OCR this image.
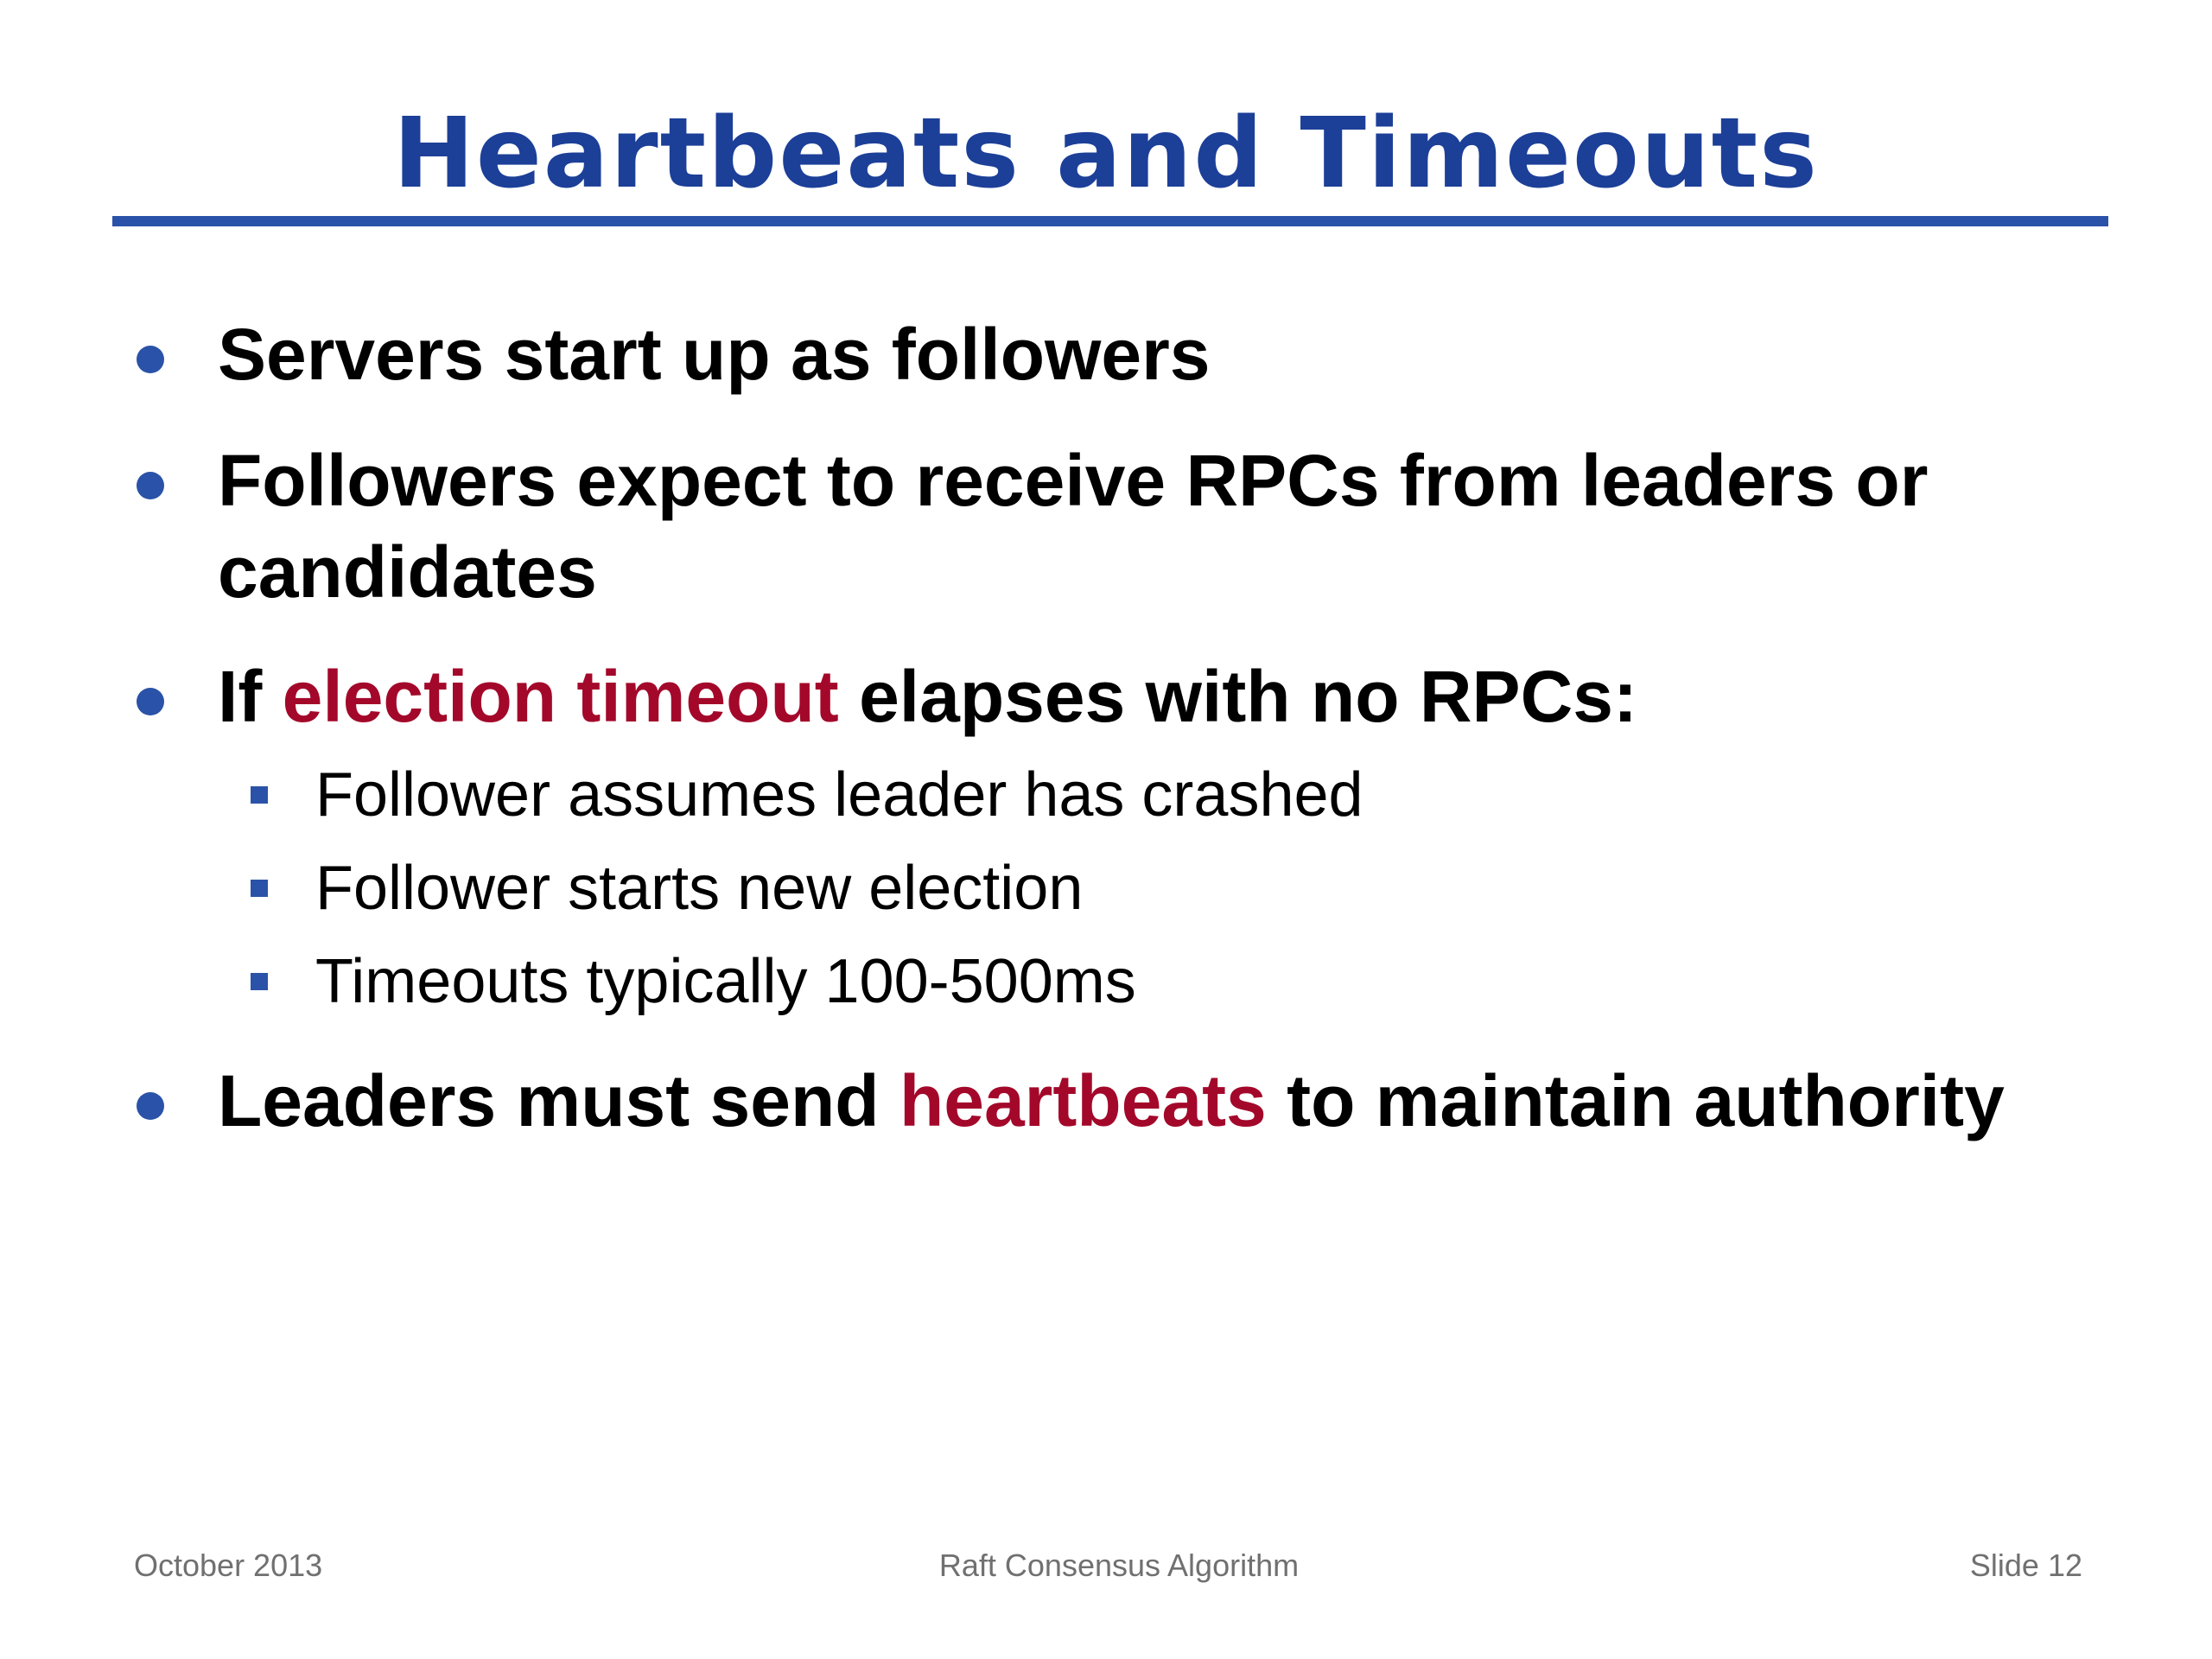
Heartbeats and Timeouts
Servers start up as followers
Followers expect to receive RPCs from leaders or candidates
If election timeout elapses with no RPCs:
Follower assumes leader has crashed
Follower starts new election
Timeouts typically 100-500ms
Leaders must send heartbeats to maintain authority
October 2013	Raft Consensus Algorithm	Slide 12
